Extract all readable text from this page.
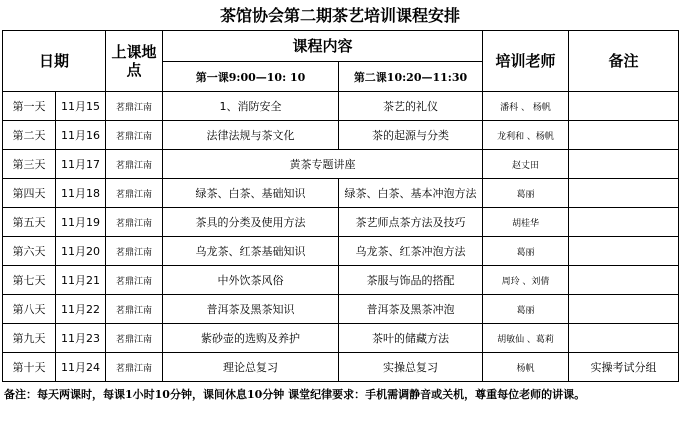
茶馆协会第二期茶艺培训课程安排
日期		上课地点	课程内容		培训老师	备注
			第一课9:00—10: 10	第二课10:20—11:30		
第一天	11月15	茗鼎江南	1、消防安全	茶艺的礼仪	潘科 、 杨帆	
第二天	11月16	茗鼎江南	法律法规与茶文化	茶的起源与分类	龙利和 、杨帆	
第三天	11月17	茗鼎江南	黄茶专题讲座		赵丈田	
第四天	11月18	茗鼎江南	绿茶、白茶、基础知识	绿茶、白茶、基本冲泡方法	葛丽	
第五天	11月19	茗鼎江南	茶具的分类及使用方法	茶艺师点茶方法及技巧	胡桂华	
第六天	11月20	茗鼎江南	乌龙茶、红茶基础知识	乌龙茶、红茶冲泡方法	葛丽	
第七天	11月21	茗鼎江南	中外饮茶风俗	茶服与饰品的搭配	周玲 、刘倩	
第八天	11月22	茗鼎江南	普洱茶及黑茶知识	普洱茶及黑茶冲泡	葛丽	
第九天	11月23	茗鼎江南	紫砂壶的选购及养护	茶叶的储藏方法	胡敏仙 、葛莉	
第十天	11月24	茗鼎江南	理论总复习	实操总复习	杨帆	实操考试分组
备注：每天两课时，每课1小时10分钟，课间休息10分钟 课堂纪律要求：手机需调静音或关机，尊重每位老师的讲课。
